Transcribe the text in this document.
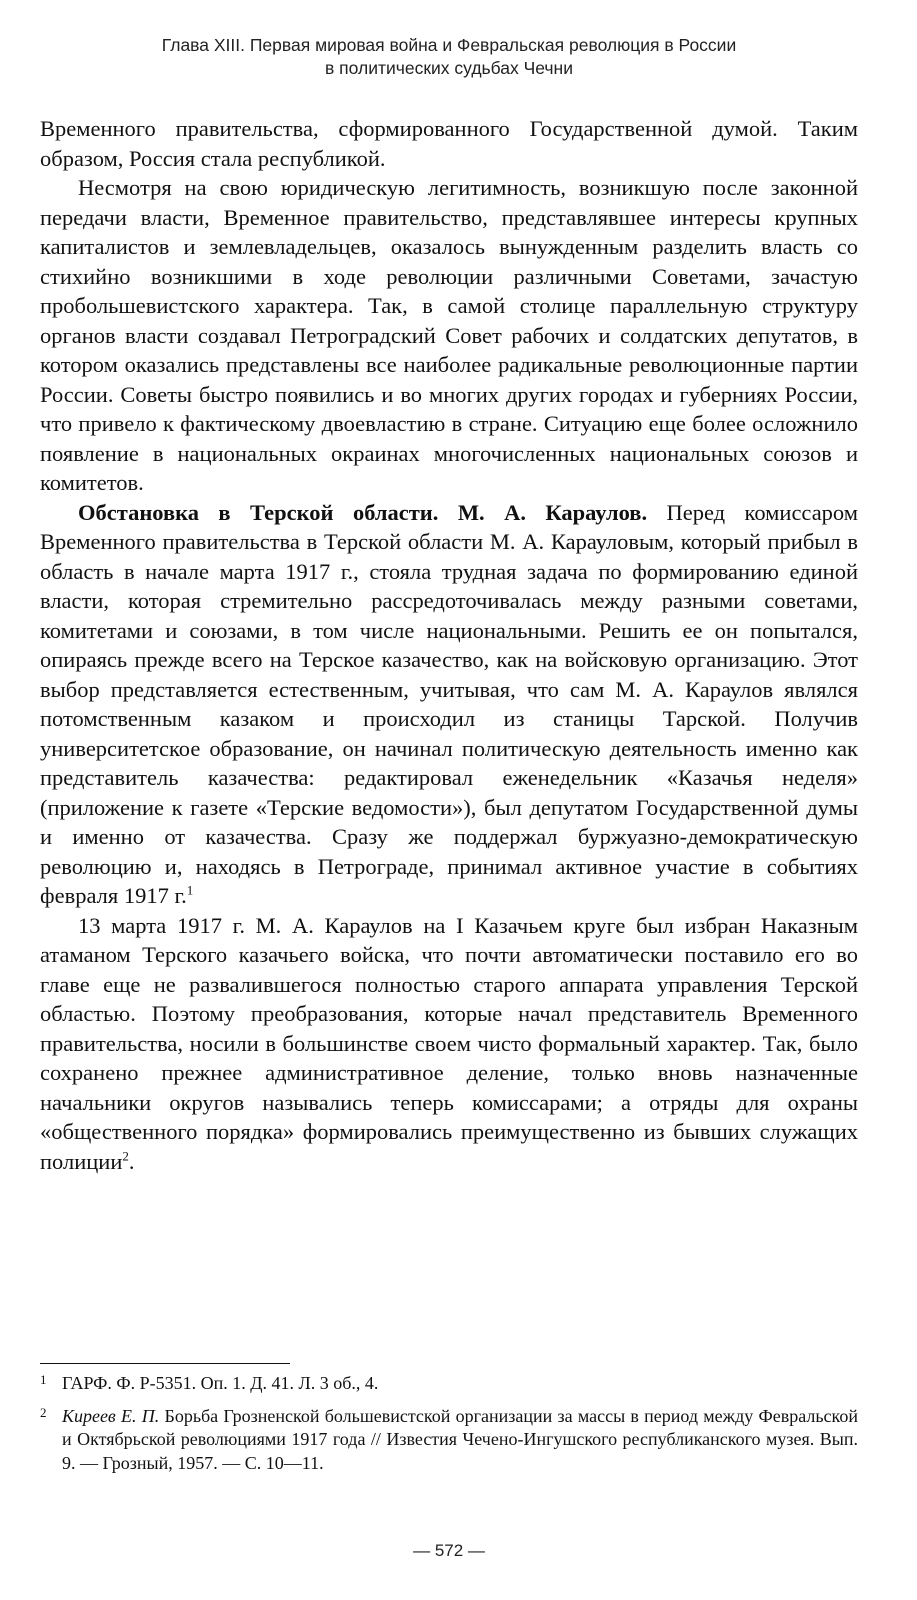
Глава XIII. Первая мировая война и Февральская революция в России
в политических судьбах Чечни

Временного правительства, сформированного Государственной думой. Таким образом, Россия стала республикой.

Несмотря на свою юридическую легитимность, возникшую после законной передачи власти, Временное правительство, представлявшее интересы крупных капиталистов и землевладельцев, оказалось вынужденным разделить власть со стихийно возникшими в ходе революции различными Советами, зачастую пробольшевистского характера. Так, в самой столице параллельную структуру органов власти создавал Петроградский Совет рабочих и солдатских депутатов, в котором оказались представлены все наиболее радикальные революционные партии России. Советы быстро появились и во многих других городах и губерниях России, что привело к фактическому двоевластию в стране. Ситуацию еще более осложнило появление в национальных окраинах многочисленных национальных союзов и комитетов.

Обстановка в Терской области. М. А. Караулов. Перед комиссаром Временного правительства в Терской области М. А. Карауловым, который прибыл в область в начале марта 1917 г., стояла трудная задача по формированию единой власти, которая стремительно рассредоточивалась между разными советами, комитетами и союзами, в том числе национальными. Решить ее он попытался, опираясь прежде всего на Терское казачество, как на войсковую организацию. Этот выбор представляется естественным, учитывая, что сам М. А. Караулов являлся потомственным казаком и происходил из станицы Тарской. Получив университетское образование, он начинал политическую деятельность именно как представитель казачества: редактировал еженедельник «Казачья неделя» (приложение к газете «Терские ведомости»), был депутатом Государственной думы и именно от казачества. Сразу же поддержал буржуазно-демократическую революцию и, находясь в Петрограде, принимал активное участие в событиях февраля 1917 г.$^1$

13 марта 1917 г. М. А. Караулов на I Казачьем круге был избран Наказным атаманом Терского казачьего войска, что почти автоматически поставило его во главе еще не развалившегося полностью старого аппарата управления Терской областью. Поэтому преобразования, которые начал представитель Временного правительства, носили в большинстве своем чисто формальный характер. Так, было сохранено прежнее административное деление, только вновь назначенные начальники округов назывались теперь комиссарами; а отряды для охраны «общественного порядка» формировались преимущественно из бывших служащих полиции$^2$.

1 ГАРФ. Ф. Р-5351. Оп. 1. Д. 41. Л. 3 об., 4.
2 Киреев Е. П. Борьба Грозненской большевистской организации за массы в период между Февральской и Октябрьской революциями 1917 года // Известия Чечено-Ингушского республиканского музея. Вып. 9. — Грозный, 1957. — С. 10—11.
— 572 —
